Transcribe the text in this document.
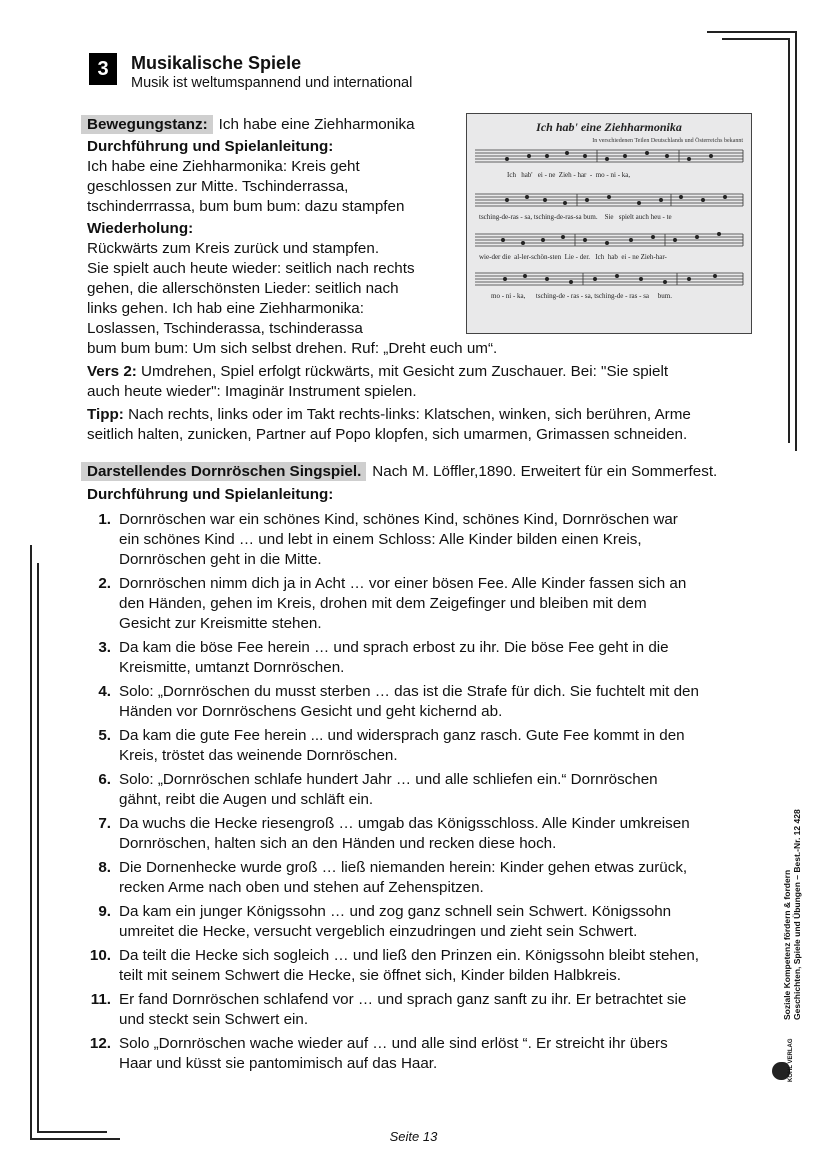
3	Musikalische Spiele
Musik ist weltumspannend und international
Bewegungstanz: Ich habe eine Ziehharmonika
Durchführung und Spielanleitung:
Ich habe eine Ziehharmonika: Kreis geht
geschlossen zur Mitte. Tschinderrassa,
tschinderrrassa, bum bum bum: dazu stampfen
Wiederholung:
Rückwärts zum Kreis zurück und stampfen.
Sie spielt auch heute wieder: seitlich nach rechts
gehen, die allerschönsten Lieder: seitlich nach
links gehen. Ich hab eine Ziehharmonika:
Loslassen, Tschinderassa, tschinderassa
bum bum bum: Um sich selbst drehen. Ruf: „Dreht euch um“.
Vers 2: Umdrehen, Spiel erfolgt rückwärts, mit Gesicht zum Zuschauer. Bei: "Sie spielt
auch heute wieder": Imaginär Instrument spielen.
Tipp: Nach rechts, links oder im Takt rechts-links: Klatschen, winken, sich berühren, Arme
seitlich halten, zunicken, Partner auf Popo klopfen, sich umarmen, Grimassen schneiden.
Ich hab' eine Ziehharmonika
In verschiedenen Teilen Deutschlands und Österreichs bekannt
Ich   hab'   ei - ne  Zieh - har  -  mo - ni - ka,
tsching-de-ras - sa, tsching-de-ras-sa bum.    Sie   spielt auch heu - te
wie-der die  al-ler-schön-sten  Lie - der.   Ich  hab  ei - ne Zieh-har-
mo - ni - ka,      tsching-de - ras - sa, tsching-de - ras - sa     bum.
Darstellendes Dornröschen Singspiel. Nach M. Löffler,1890. Erweitert für ein Sommerfest.
Durchführung und Spielanleitung:
1. Dornröschen war ein schönes Kind, schönes Kind, schönes Kind, Dornröschen war
ein schönes Kind … und lebt in einem Schloss: Alle Kinder bilden einen Kreis,
Dornröschen geht in die Mitte.
2. Dornröschen nimm dich ja in Acht … vor einer bösen Fee. Alle Kinder fassen sich an
den Händen, gehen im Kreis, drohen mit dem Zeigefinger und bleiben mit dem
Gesicht zur Kreismitte stehen.
3. Da kam die böse Fee herein … und sprach erbost zu ihr. Die böse Fee geht in die
Kreismitte, umtanzt Dornröschen.
4. Solo: „Dornröschen du musst sterben … das ist die Strafe für dich. Sie fuchtelt mit den
Händen vor Dornröschens Gesicht und geht kichernd ab.
5. Da kam die gute Fee herein ... und widersprach ganz rasch. Gute Fee kommt in den
Kreis, tröstet das weinende Dornröschen.
6. Solo: „Dornröschen schlafe hundert Jahr … und alle schliefen ein.“ Dornröschen
gähnt, reibt die Augen und schläft ein.
7. Da wuchs die Hecke riesengroß … umgab das Königsschloss. Alle Kinder umkreisen
Dornröschen, halten sich an den Händen und recken diese hoch.
8. Die Dornenhecke wurde groß … ließ niemanden herein: Kinder gehen etwas zurück,
recken Arme nach oben und stehen auf Zehenspitzen.
9. Da kam ein junger Königssohn … und zog ganz schnell sein Schwert. Königssohn
umreitet die Hecke, versucht vergeblich einzudringen und zieht sein Schwert.
10. Da teilt die Hecke sich sogleich … und ließ den Prinzen ein. Königssohn bleibt stehen,
teilt mit seinem Schwert die Hecke, sie öffnet sich, Kinder bilden Halbkreis.
11. Er fand Dornröschen schlafend vor … und sprach ganz sanft zu ihr. Er betrachtet sie
und steckt sein Schwert ein.
12. Solo „Dornröschen wache wieder auf … und alle sind erlöst “. Er streicht ihr übers
Haar und küsst sie pantomimisch auf das Haar.
Soziale Kompetenz fördern & fordern Geschichten, Spiele und Übungen – Best.-Nr. 12 428
KOHL VERLAG
Seite 13
